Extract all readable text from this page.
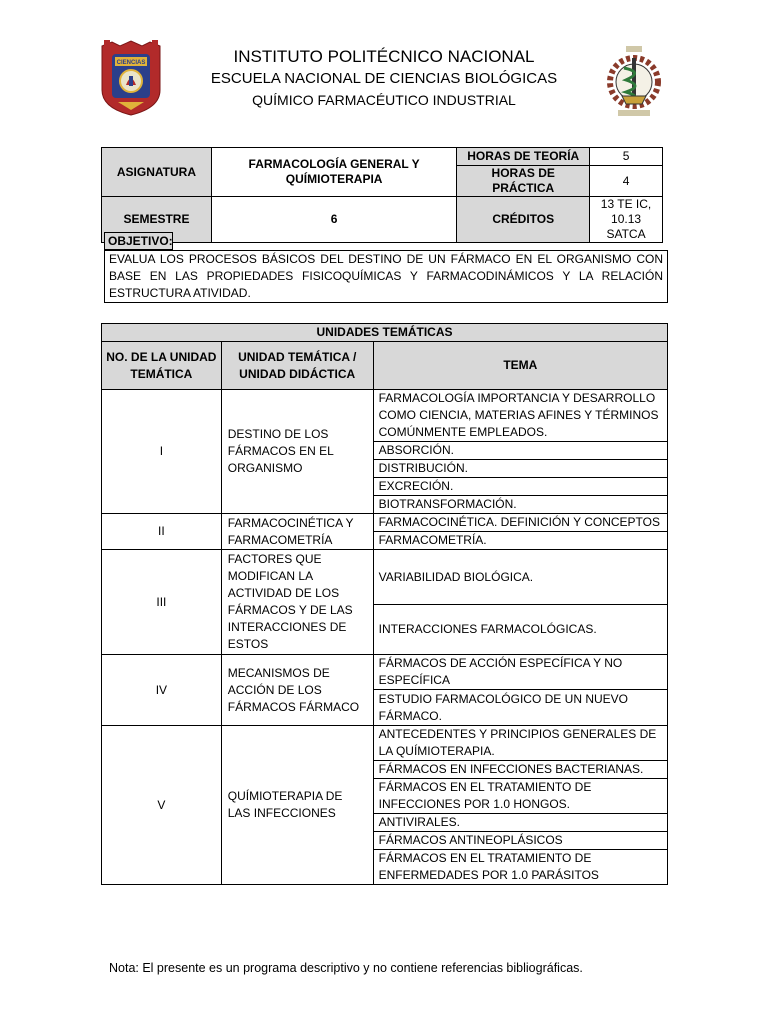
CIENCIAS	INSTITUTO POLITÉCNICO NACIONAL
ESCUELA NACIONAL DE CIENCIAS BIOLÓGICAS
QUÍMICO FARMACÉUTICO INDUSTRIAL
ASIGNATURA	FARMACOLOGÍA GENERAL Y QUÍMIOTERAPIA	HORAS DE TEORÍA	5
		HORAS DE PRÁCTICA	4
SEMESTRE	6	CRÉDITOS	13 TE IC,
10.13 SATCA
OBJETIVO:
EVALUA LOS PROCESOS BÁSICOS DEL DESTINO DE UN FÁRMACO EN EL ORGANISMO CON BASE EN LAS PROPIEDADES FISICOQUÍMICAS Y FARMACODINÁMICOS Y LA RELACIÓN ESTRUCTURA ATIVIDAD.
UNIDADES TEMÁTICAS		
NO. DE LA UNIDAD TEMÁTICA	UNIDAD TEMÁTICA / UNIDAD DIDÁCTICA	TEMA
I	DESTINO DE LOS FÁRMACOS EN EL ORGANISMO	FARMACOLOGÍA IMPORTANCIA Y DESARROLLO COMO CIENCIA, MATERIAS AFINES Y TÉRMINOS COMÚNMENTE EMPLEADOS.
		ABSORCIÓN.
		DISTRIBUCIÓN.
		EXCRECIÓN.
		BIOTRANSFORMACIÓN.
II	FARMACOCINÉTICA Y FARMACOMETRÍA	FARMACOCINÉTICA. DEFINICIÓN Y CONCEPTOS
		FARMACOMETRÍA.
III	FACTORES QUE MODIFICAN LA ACTIVIDAD DE LOS FÁRMACOS Y DE LAS INTERACCIONES DE ESTOS	VARIABILIDAD BIOLÓGICA.
		INTERACCIONES FARMACOLÓGICAS.
IV	MECANISMOS DE ACCIÓN DE LOS FÁRMACOS FÁRMACO	FÁRMACOS DE ACCIÓN ESPECÍFICA Y NO ESPECÍFICA
		ESTUDIO FARMACOLÓGICO DE UN NUEVO FÁRMACO.
V	QUÍMIOTERAPIA DE LAS INFECCIONES	ANTECEDENTES Y PRINCIPIOS GENERALES DE LA QUÍMIOTERAPIA.
		FÁRMACOS EN INFECCIONES BACTERIANAS.
		FÁRMACOS EN EL TRATAMIENTO DE INFECCIONES POR 1.0 HONGOS.
		ANTIVIRALES.
		FÁRMACOS ANTINEOPLÁSICOS
		FÁRMACOS EN EL TRATAMIENTO DE ENFERMEDADES POR 1.0 PARÁSITOS
Nota: El presente es un programa descriptivo y no contiene referencias bibliográficas.
